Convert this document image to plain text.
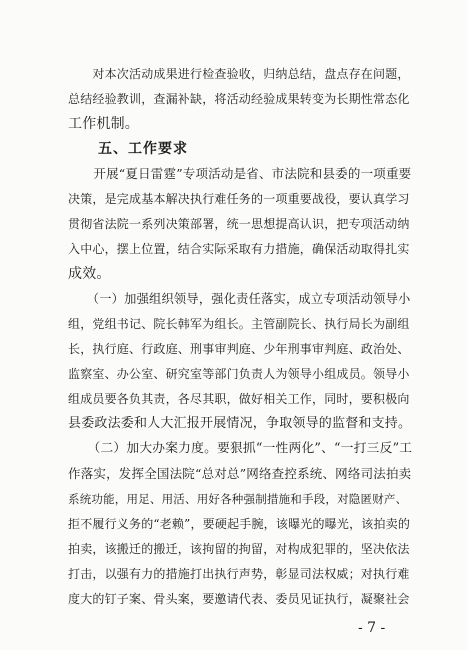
　　对本次活动成果进行检查验收，归纳总结，盘点存在问题，
总结经验教训，查漏补缺，将活动经验成果转变为长期性常态化
工作机制。
　　五、工作要求
　　开展“夏日雷霆”专项活动是省、市法院和县委的一项重要
决策，是完成基本解决执行难任务的一项重要战役，要认真学习
贯彻省法院一系列决策部署，统一思想提高认识，把专项活动纳
入中心，摆上位置，结合实际采取有力措施，确保活动取得扎实
成效。
　　（一）加强组织领导，强化责任落实，成立专项活动领导小
组，党组书记、院长韩军为组长。主管副院长、执行局长为副组
长，执行庭、行政庭、刑事审判庭、少年刑事审判庭、政治处、
监察室、办公室、研究室等部门负责人为领导小组成员。领导小
组成员要各负其责，各尽其职，做好相关工作，同时，要积极向
县委政法委和人大汇报开展情况，争取领导的监督和支持。
　　（二）加大办案力度。要狠抓“一性两化”、“一打三反”工
作落实，发挥全国法院“总对总”网络查控系统、网络司法拍卖
系统功能，用足、用活、用好各种强制措施和手段，对隐匿财产、
拒不履行义务的“老赖”，要硬起手腕，该曝光的曝光，该拍卖的
拍卖，该搬迁的搬迁，该拘留的拘留，对构成犯罪的，坚决依法
打击，以强有力的措施打出执行声势，彰显司法权威；对执行难
度大的钉子案、骨头案，要邀请代表、委员见证执行，凝聚社会
- 7 -
